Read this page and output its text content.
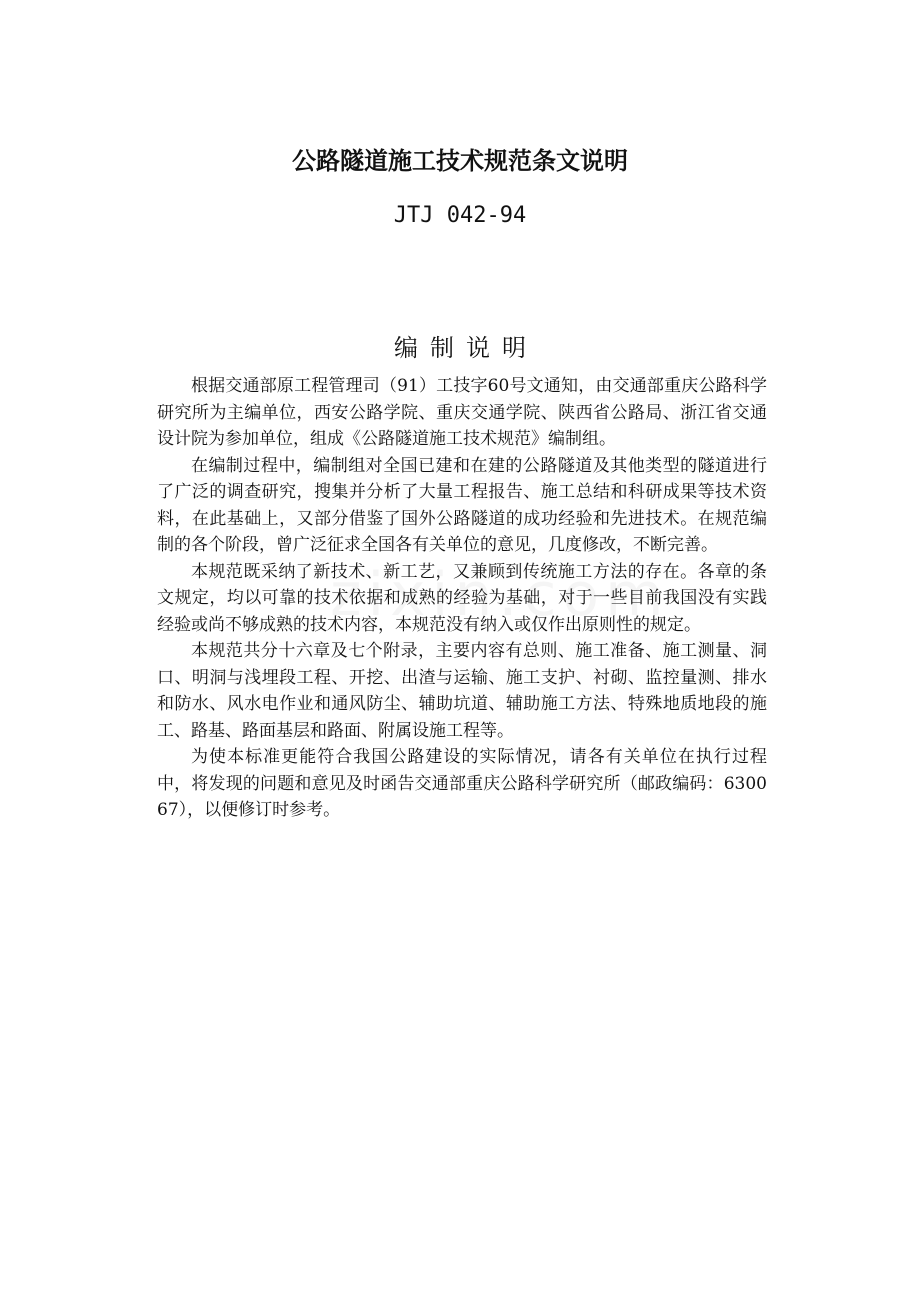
公路隧道施工技术规范条文说明
JTJ 042-94
编制说明

根据交通部原工程管理司（91）工技字60号文通知，由交通部重庆公路科学研究所为主编单位，西安公路学院、重庆交通学院、陕西省公路局、浙江省交通设计院为参加单位，组成《公路隧道施工技术规范》编制组。

在编制过程中，编制组对全国已建和在建的公路隧道及其他类型的隧道进行了广泛的调查研究，搜集并分析了大量工程报告、施工总结和科研成果等技术资料，在此基础上，又部分借鉴了国外公路隧道的成功经验和先进技术。在规范编制的各个阶段，曾广泛征求全国各有关单位的意见，几度修改，不断完善。

本规范既采纳了新技术、新工艺，又兼顾到传统施工方法的存在。各章的条文规定，均以可靠的技术依据和成熟的经验为基础，对于一些目前我国没有实践经验或尚不够成熟的技术内容，本规范没有纳入或仅作出原则性的规定。

本规范共分十六章及七个附录，主要内容有总则、施工准备、施工测量、洞口、明洞与浅埋段工程、开挖、出渣与运输、施工支护、衬砌、监控量测、排水和防水、风水电作业和通风防尘、辅助坑道、辅助施工方法、特殊地质地段的施工、路基、路面基层和路面、附属设施工程等。

为使本标准更能符合我国公路建设的实际情况，请各有关单位在执行过程中，将发现的问题和意见及时函告交通部重庆公路科学研究所（邮政编码：630067），以便修订时参考。
